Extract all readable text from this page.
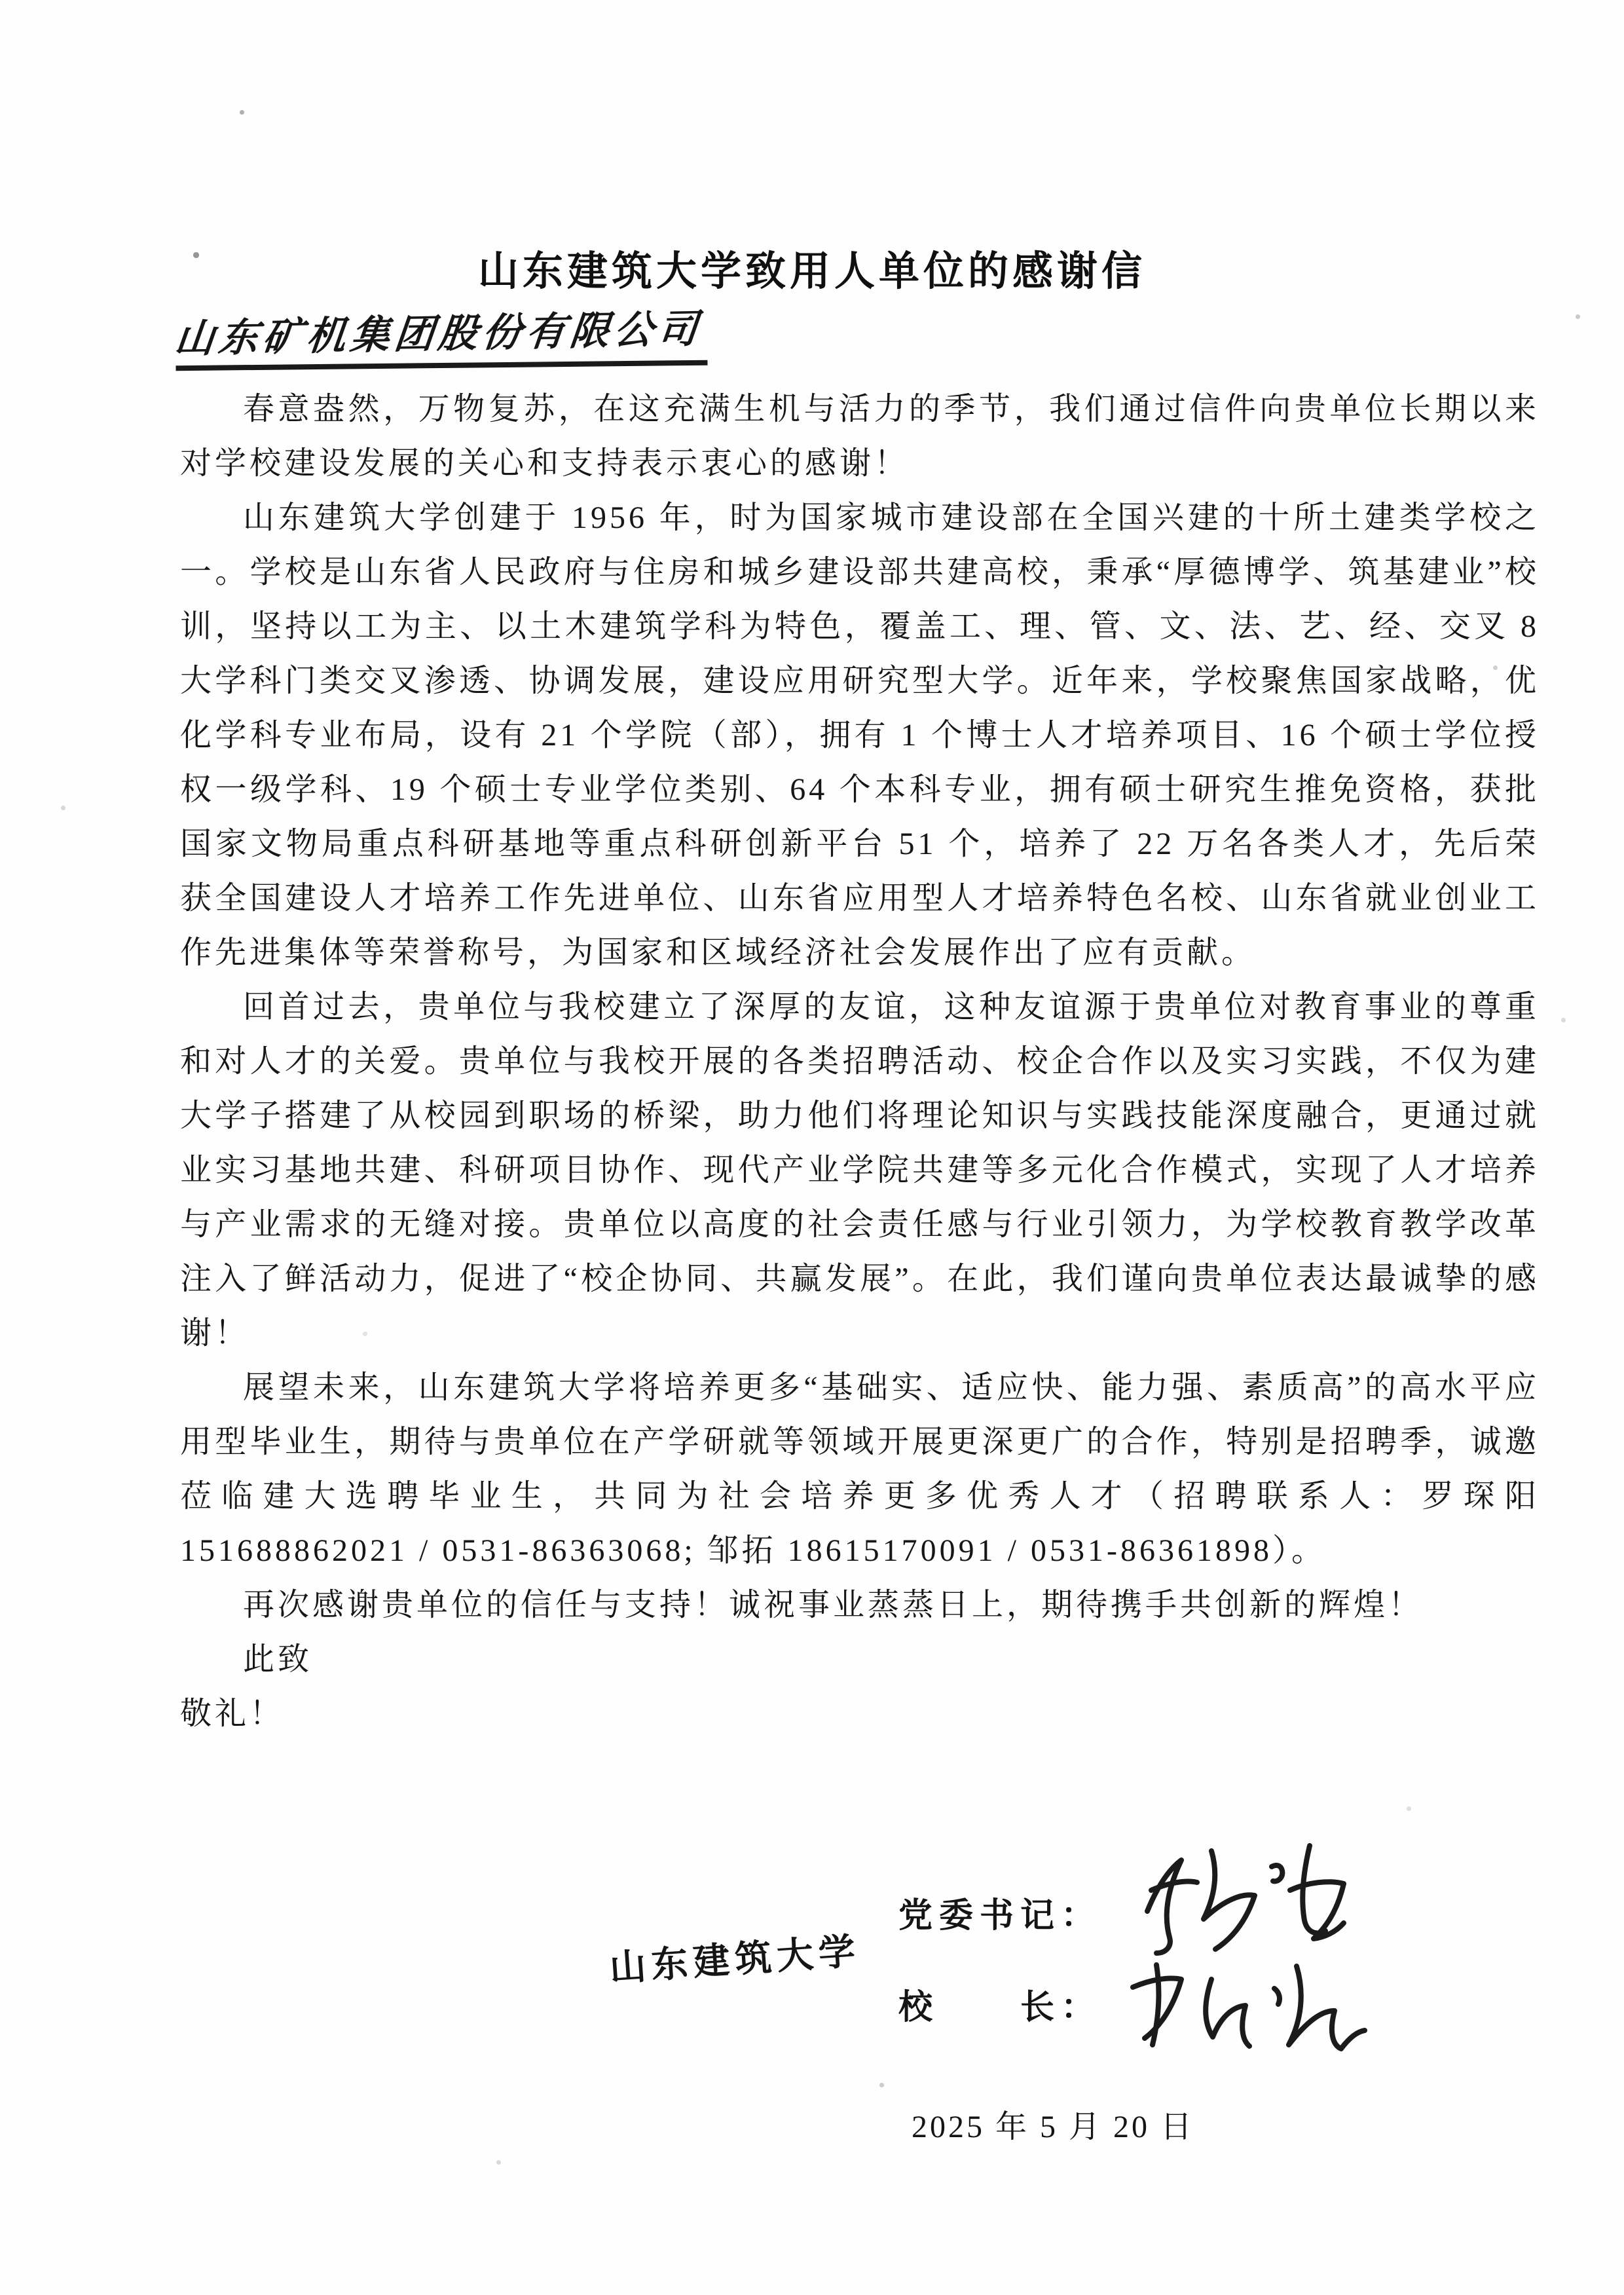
山东建筑大学致用人单位的感谢信
山东矿机集团股份有限公司

春意盎然，万物复苏，在这充满生机与活力的季节，我们通过信件向贵单位长期以来对学校建设发展的关心和支持表示衷心的感谢！

山东建筑大学创建于 1956 年，时为国家城市建设部在全国兴建的十所土建类学校之一。学校是山东省人民政府与住房和城乡建设部共建高校，秉承“厚德博学、筑基建业”校训，坚持以工为主、以土木建筑学科为特色，覆盖工、理、管、文、法、艺、经、交叉 8 大学科门类交叉渗透、协调发展，建设应用研究型大学。近年来，学校聚焦国家战略，优化学科专业布局，设有 21 个学院（部），拥有 1 个博士人才培养项目、16 个硕士学位授权一级学科、19 个硕士专业学位类别、64 个本科专业，拥有硕士研究生推免资格，获批国家文物局重点科研基地等重点科研创新平台 51 个，培养了 22 万名各类人才，先后荣获全国建设人才培养工作先进单位、山东省应用型人才培养特色名校、山东省就业创业工作先进集体等荣誉称号，为国家和区域经济社会发展作出了应有贡献。

回首过去，贵单位与我校建立了深厚的友谊，这种友谊源于贵单位对教育事业的尊重和对人才的关爱。贵单位与我校开展的各类招聘活动、校企合作以及实习实践，不仅为建大学子搭建了从校园到职场的桥梁，助力他们将理论知识与实践技能深度融合，更通过就业实习基地共建、科研项目协作、现代产业学院共建等多元化合作模式，实现了人才培养与产业需求的无缝对接。贵单位以高度的社会责任感与行业引领力，为学校教育教学改革注入了鲜活动力，促进了“校企协同、共赢发展”。在此，我们谨向贵单位表达最诚挚的感谢！

展望未来，山东建筑大学将培养更多“基础实、适应快、能力强、素质高”的高水平应用型毕业生，期待与贵单位在产学研就等领域开展更深更广的合作，特别是招聘季，诚邀莅临建大选聘毕业生，共同为社会培养更多优秀人才（招聘联系人：罗琛阳 151688862021 / 0531-86363068; 邹拓 18615170091 / 0531-86361898）。

再次感谢贵单位的信任与支持！诚祝事业蒸蒸日上，期待携手共创新的辉煌！

此致

敬礼！

山东建筑大学
党委书记：
校　　长：
2025 年 5 月 20 日
